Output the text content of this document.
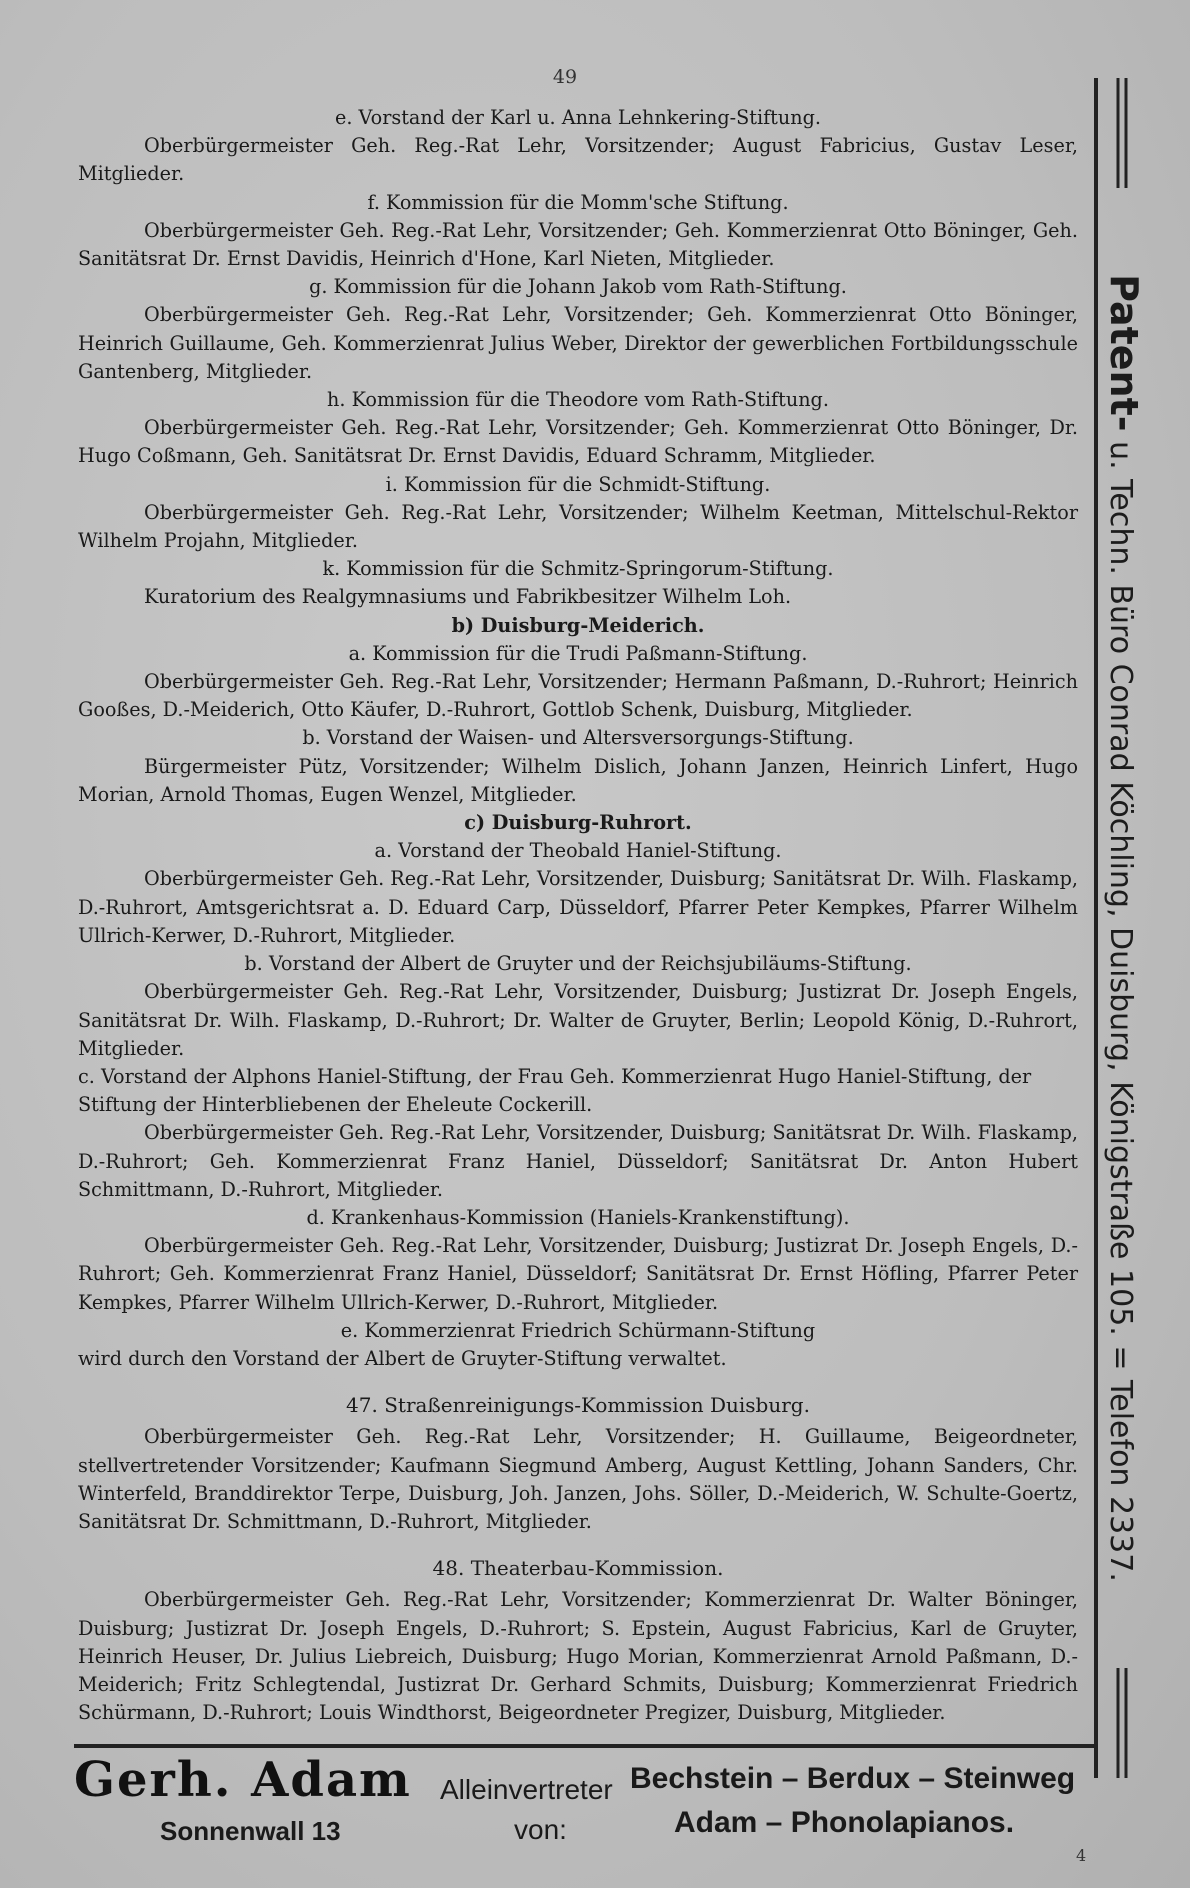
49

e. Vorstand der Karl u. Anna Lehnkering-Stiftung.

Oberbürgermeister Geh. Reg.-Rat Lehr, Vorsitzender; August Fabricius, Gustav Leser, Mitglieder.

f. Kommission für die Momm'sche Stiftung.

Oberbürgermeister Geh. Reg.-Rat Lehr, Vorsitzender; Geh. Kommerzienrat Otto Böninger, Geh. Sanitätsrat Dr. Ernst Davidis, Heinrich d'Hone, Karl Nieten, Mitglieder.

g. Kommission für die Johann Jakob vom Rath-Stiftung.

Oberbürgermeister Geh. Reg.-Rat Lehr, Vorsitzender; Geh. Kommerzienrat Otto Böninger, Heinrich Guillaume, Geh. Kommerzienrat Julius Weber, Direktor der gewerblichen Fortbildungsschule Gantenberg, Mitglieder.

h. Kommission für die Theodore vom Rath-Stiftung.

Oberbürgermeister Geh. Reg.-Rat Lehr, Vorsitzender; Geh. Kommerzienrat Otto Böninger, Dr. Hugo Coßmann, Geh. Sanitätsrat Dr. Ernst Davidis, Eduard Schramm, Mitglieder.

i. Kommission für die Schmidt-Stiftung.

Oberbürgermeister Geh. Reg.-Rat Lehr, Vorsitzender; Wilhelm Keetman, Mittelschul-Rektor Wilhelm Projahn, Mitglieder.

k. Kommission für die Schmitz-Springorum-Stiftung.

Kuratorium des Realgymnasiums und Fabrikbesitzer Wilhelm Loh.

b) Duisburg-Meiderich.

a. Kommission für die Trudi Paßmann-Stiftung.

Oberbürgermeister Geh. Reg.-Rat Lehr, Vorsitzender; Hermann Paßmann, D.-Ruhrort; Heinrich Gooßes, D.-Meiderich, Otto Käufer, D.-Ruhrort, Gottlob Schenk, Duisburg, Mitglieder.

b. Vorstand der Waisen- und Altersversorgungs-Stiftung.

Bürgermeister Pütz, Vorsitzender; Wilhelm Dislich, Johann Janzen, Heinrich Linfert, Hugo Morian, Arnold Thomas, Eugen Wenzel, Mitglieder.

c) Duisburg-Ruhrort.

a. Vorstand der Theobald Haniel-Stiftung.

Oberbürgermeister Geh. Reg.-Rat Lehr, Vorsitzender, Duisburg; Sanitätsrat Dr. Wilh. Flaskamp, D.-Ruhrort, Amtsgerichtsrat a. D. Eduard Carp, Düsseldorf, Pfarrer Peter Kempkes, Pfarrer Wilhelm Ullrich-Kerwer, D.-Ruhrort, Mitglieder.

b. Vorstand der Albert de Gruyter und der Reichsjubiläums-Stiftung.

Oberbürgermeister Geh. Reg.-Rat Lehr, Vorsitzender, Duisburg; Justizrat Dr. Joseph Engels, Sanitätsrat Dr. Wilh. Flaskamp, D.-Ruhrort; Dr. Walter de Gruyter, Berlin; Leopold König, D.-Ruhrort, Mitglieder.

c. Vorstand der Alphons Haniel-Stiftung, der Frau Geh. Kommerzienrat Hugo Haniel-Stiftung, der Stiftung der Hinterbliebenen der Eheleute Cockerill.

Oberbürgermeister Geh. Reg.-Rat Lehr, Vorsitzender, Duisburg; Sanitätsrat Dr. Wilh. Flaskamp, D.-Ruhrort; Geh. Kommerzienrat Franz Haniel, Düsseldorf; Sanitätsrat Dr. Anton Hubert Schmittmann, D.-Ruhrort, Mitglieder.

d. Krankenhaus-Kommission (Haniels-Krankenstiftung).

Oberbürgermeister Geh. Reg.-Rat Lehr, Vorsitzender, Duisburg; Justizrat Dr. Joseph Engels, D.-Ruhrort; Geh. Kommerzienrat Franz Haniel, Düsseldorf; Sanitätsrat Dr. Ernst Höfling, Pfarrer Peter Kempkes, Pfarrer Wilhelm Ullrich-Kerwer, D.-Ruhrort, Mitglieder.

e. Kommerzienrat Friedrich Schürmann-Stiftung

wird durch den Vorstand der Albert de Gruyter-Stiftung verwaltet.

47. Straßenreinigungs-Kommission Duisburg.

Oberbürgermeister Geh. Reg.-Rat Lehr, Vorsitzender; H. Guillaume, Beigeordneter, stellvertretender Vorsitzender; Kaufmann Siegmund Amberg, August Kettling, Johann Sanders, Chr. Winterfeld, Branddirektor Terpe, Duisburg, Joh. Janzen, Johs. Söller, D.-Meiderich, W. Schulte-Goertz, Sanitätsrat Dr. Schmittmann, D.-Ruhrort, Mitglieder.

48. Theaterbau-Kommission.

Oberbürgermeister Geh. Reg.-Rat Lehr, Vorsitzender; Kommerzienrat Dr. Walter Böninger, Duisburg; Justizrat Dr. Joseph Engels, D.-Ruhrort; S. Epstein, August Fabricius, Karl de Gruyter, Heinrich Heuser, Dr. Julius Liebreich, Duisburg; Hugo Morian, Kommerzienrat Arnold Paßmann, D.-Meiderich; Fritz Schlegtendal, Justizrat Dr. Gerhard Schmits, Duisburg; Kommerzienrat Friedrich Schürmann, D.-Ruhrort; Louis Windthorst, Beigeordneter Pregizer, Duisburg, Mitglieder.

Patent- u. Techn. Büro Conrad Köchling, Duisburg, Königstraße 105. = Telefon 2337.
Gerh. Adam
Sonnenwall 13
Alleinvertreter
von:
Bechstein – Berdux – Steinweg
Adam – Phonolapianos.
4
